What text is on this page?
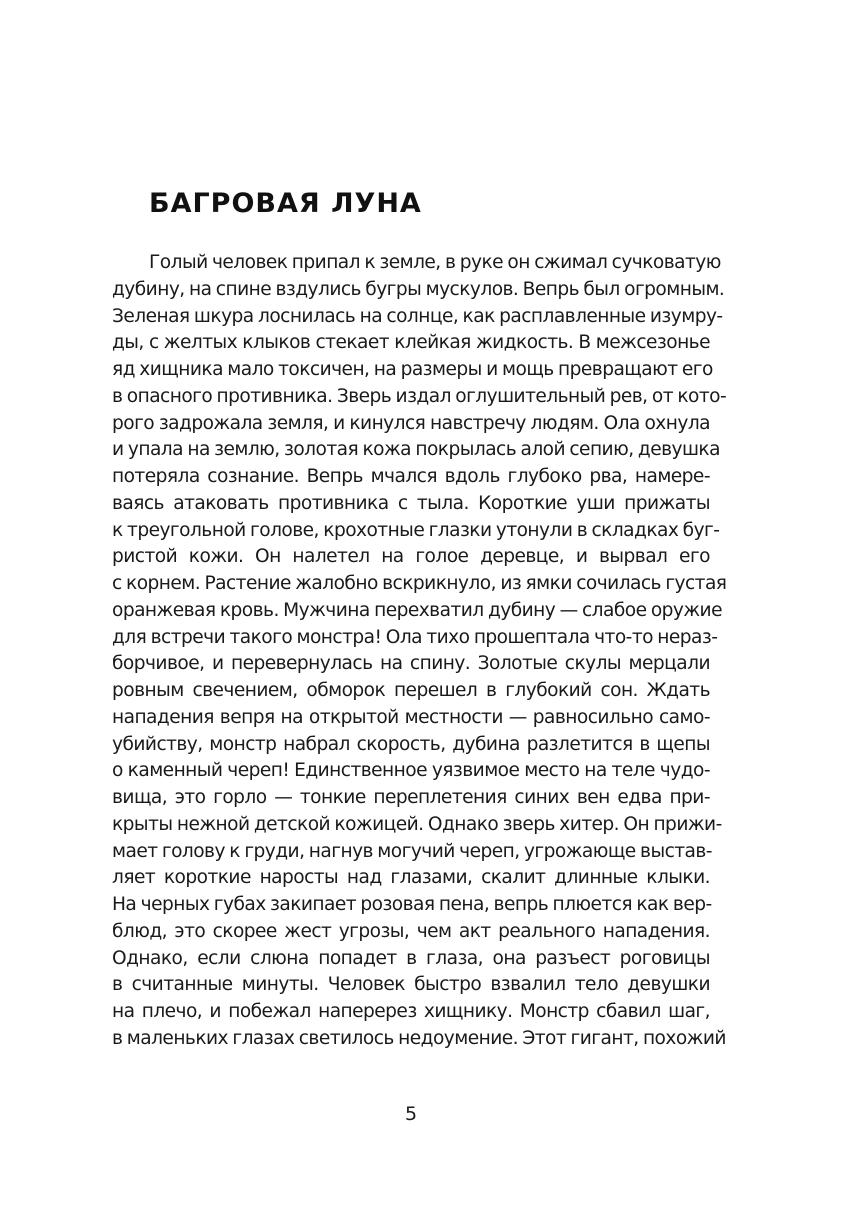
БАГРОВАЯ ЛУНА
Голый человек припал к земле, в руке он сжимал сучковатую
дубину, на спине вздулись бугры мускулов. Вепрь был огромным.
Зеленая шкура лоснилась на солнце, как расплавленные изумру-
ды, с желтых клыков стекает клейкая жидкость. В межсезонье
яд хищника мало токсичен, на размеры и мощь превращают его
в опасного противника. Зверь издал оглушительный рев, от кото-
рого задрожала земля, и кинулся навстречу людям. Ола охнула
и упала на землю, золотая кожа покрылась алой сепию, девушка
потеряла сознание. Вепрь мчался вдоль глубоко рва, намере-
ваясь атаковать противника с тыла. Короткие уши прижаты
к треугольной голове, крохотные глазки утонули в складках буг-
ристой кожи. Он налетел на голое деревце, и вырвал его
с корнем. Растение жалобно вскрикнуло, из ямки сочилась густая
оранжевая кровь. Мужчина перехватил дубину — слабое оружие
для встречи такого монстра! Ола тихо прошептала что-то нераз-
борчивое, и перевернулась на спину. Золотые скулы мерцали
ровным свечением, обморок перешел в глубокий сон. Ждать
нападения вепря на открытой местности — равносильно само-
убийству, монстр набрал скорость, дубина разлетится в щепы
о каменный череп! Единственное уязвимое место на теле чудо-
вища, это горло — тонкие переплетения синих вен едва при-
крыты нежной детской кожицей. Однако зверь хитер. Он прижи-
мает голову к груди, нагнув могучий череп, угрожающе выстав-
ляет короткие наросты над глазами, скалит длинные клыки.
На черных губах закипает розовая пена, вепрь плюется как вер-
блюд, это скорее жест угрозы, чем акт реального нападения.
Однако, если слюна попадет в глаза, она разъест роговицы
в считанные минуты. Человек быстро взвалил тело девушки
на плечо, и побежал наперерез хищнику. Монстр сбавил шаг,
в маленьких глазах светилось недоумение. Этот гигант, похожий
5
